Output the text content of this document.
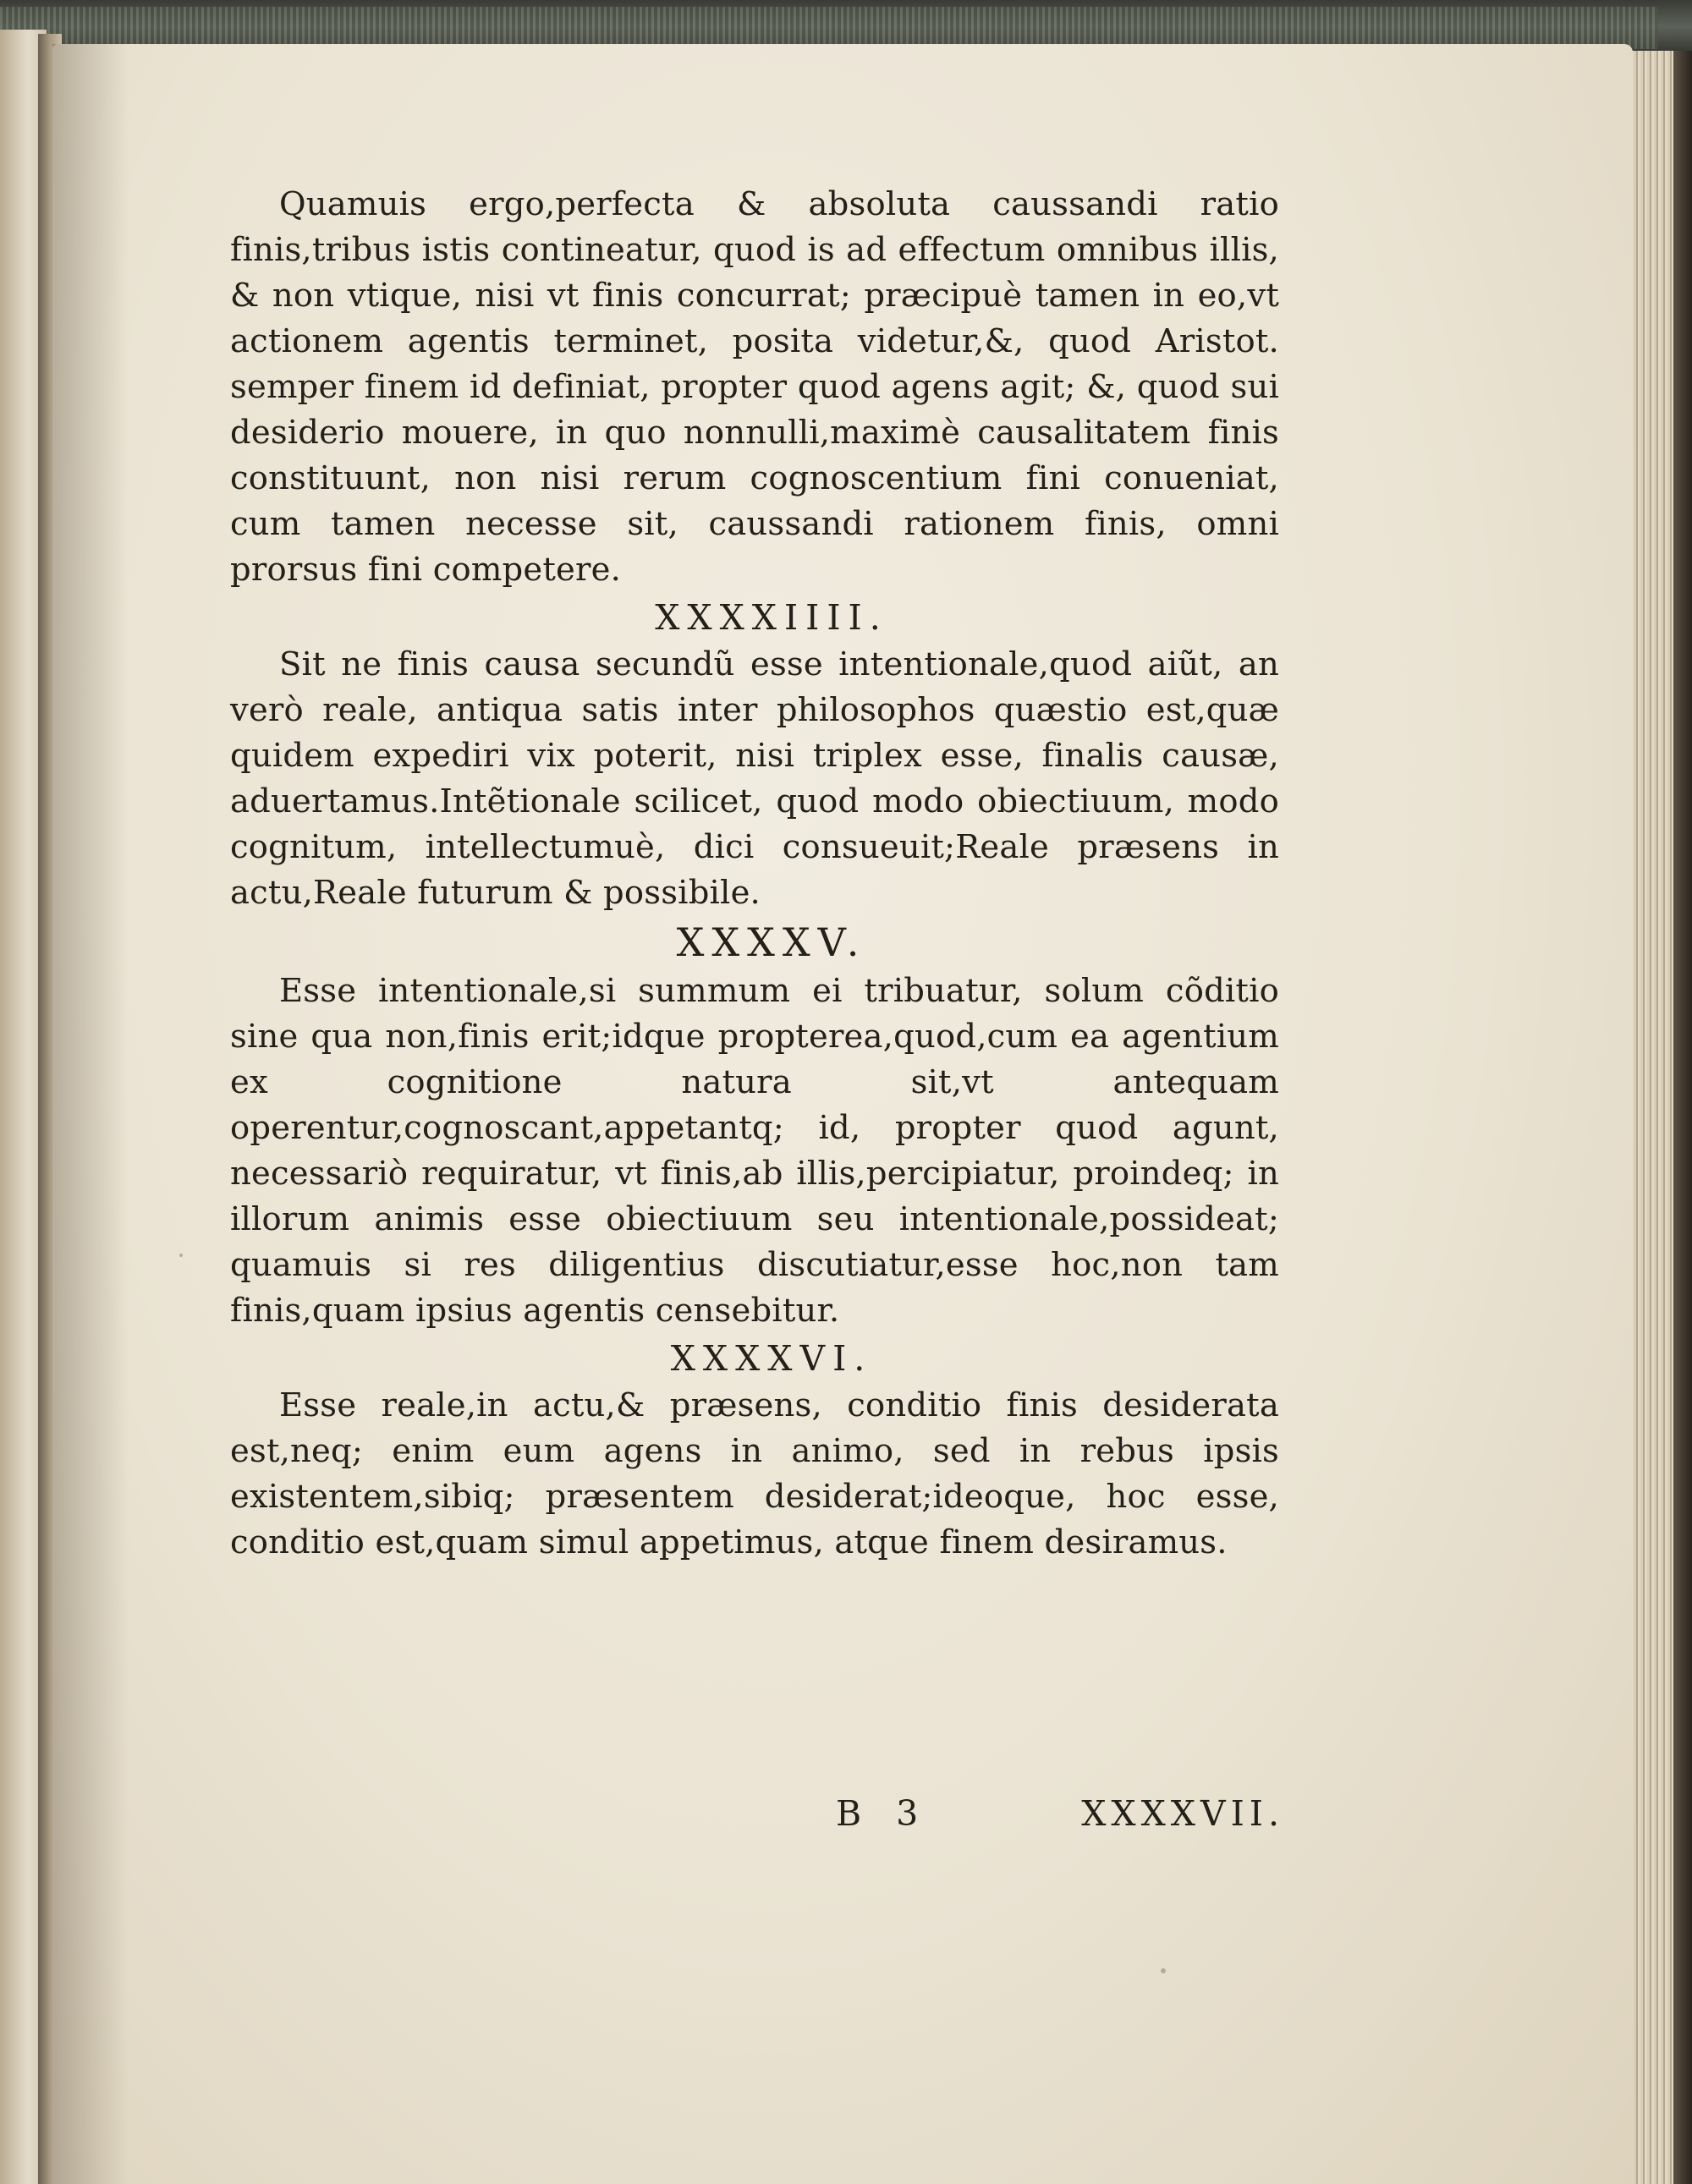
Quamuis ergo,perfecta & absoluta caussandi ratio finis,tribus istis contineatur, quod is ad effectum omnibus illis, & non vtique, nisi vt finis concurrat; præcipuè tamen in eo,vt actionem agentis terminet, posita videtur,&, quod Aristot. semper finem id definiat, propter quod agens agit; &, quod sui desiderio mouere, in quo nonnulli,maximè causalitatem finis constituunt, non nisi rerum cognoscentium fini conueniat, cum tamen necesse sit, caussandi rationem finis, omni prorsus fini competere.

XXXXIIII.

Sit ne finis causa secundũ esse intentionale,quod aiũt, an verò reale, antiqua satis inter philosophos quæstio est,quæ quidem expediri vix poterit, nisi triplex esse, finalis causæ, aduertamus.Intẽtionale scilicet, quod modo obiectiuum, modo cognitum, intellectumuè, dici consueuit;Reale præsens in actu,Reale futurum & possibile.

XXXXV.

Esse intentionale,si summum ei tribuatur, solum cõditio sine qua non,finis erit;idque propterea,quod,cum ea agentium ex cognitione natura sit,vt antequam operentur,cognoscant,appetantq; id, propter quod agunt, necessariò requiratur, vt finis,ab illis,percipiatur, proindeq; in illorum animis esse obiectiuum seu intentionale,possideat; quamuis si res diligentius discutiatur,esse hoc,non tam finis,quam ipsius agentis censebitur.

XXXXVI.

Esse reale,in actu,& præsens, conditio finis desiderata est,neq; enim eum agens in animo, sed in rebus ipsis existentem,sibiq; præsentem desiderat;ideoque, hoc esse, conditio est,quam simul appetimus, atque finem desiramus.

B 3	XXXXVII.
